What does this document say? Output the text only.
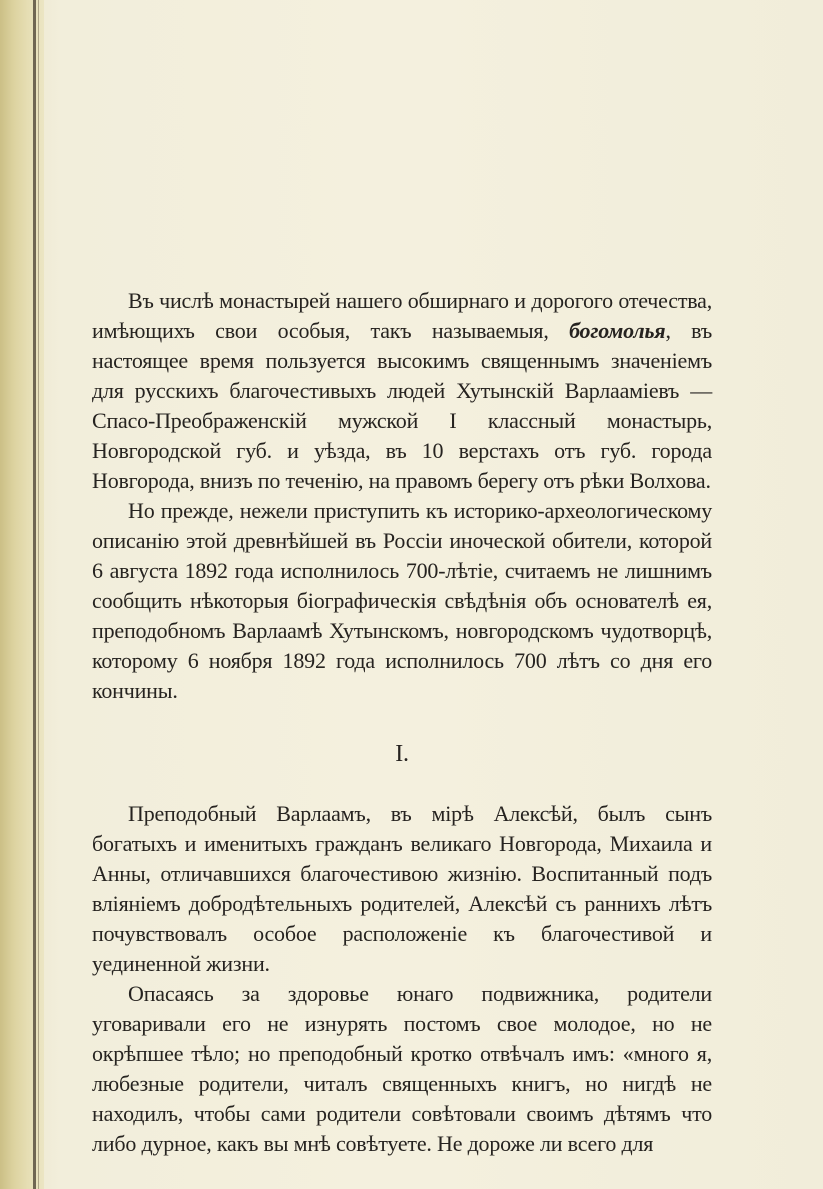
Въ числѣ монастырей нашего обширнаго и дорогого отечества, имѣющихъ свои особыя, такъ называемыя, богомолья, въ настоящее время пользуется высокимъ священнымъ значеніемъ для русскихъ благочестивыхъ людей Хутынскій Варлааміевъ — Спасо-Преображенскій мужской I классный монастырь, Новгородской губ. и уѣзда, въ 10 верстахъ отъ губ. города Новгорода, внизъ по теченію, на правомъ берегу отъ рѣки Волхова.

Но прежде, нежели приступить къ историко-археологическому описанію этой древнѣйшей въ Россіи иноческой обители, которой 6 августа 1892 года исполнилось 700-лѣтіе, считаемъ не лишнимъ сообщить нѣкоторыя біографическія свѣдѣнія объ основателѣ ея, преподобномъ Варлаамѣ Хутынскомъ, новгородскомъ чудотворцѣ, которому 6 ноября 1892 года исполнилось 700 лѣтъ со дня его кончины.

I.

Преподобный Варлаамъ, въ мірѣ Алексѣй, былъ сынъ богатыхъ и именитыхъ гражданъ великаго Новгорода, Михаила и Анны, отличавшихся благочестивою жизнію. Воспитанный подъ вліяніемъ добродѣтельныхъ родителей, Алексѣй съ раннихъ лѣтъ почувствовалъ особое расположеніе къ благочестивой и уединенной жизни.

Опасаясь за здоровье юнаго подвижника, родители уговаривали его не изнурять постомъ свое молодое, но не окрѣпшее тѣло; но преподобный кротко отвѣчалъ имъ: «много я, любезные родители, читалъ священныхъ книгъ, но нигдѣ не находилъ, чтобы сами родители совѣтовали своимъ дѣтямъ что либо дурное, какъ вы мнѣ совѣтуете. Не дороже ли всего для
